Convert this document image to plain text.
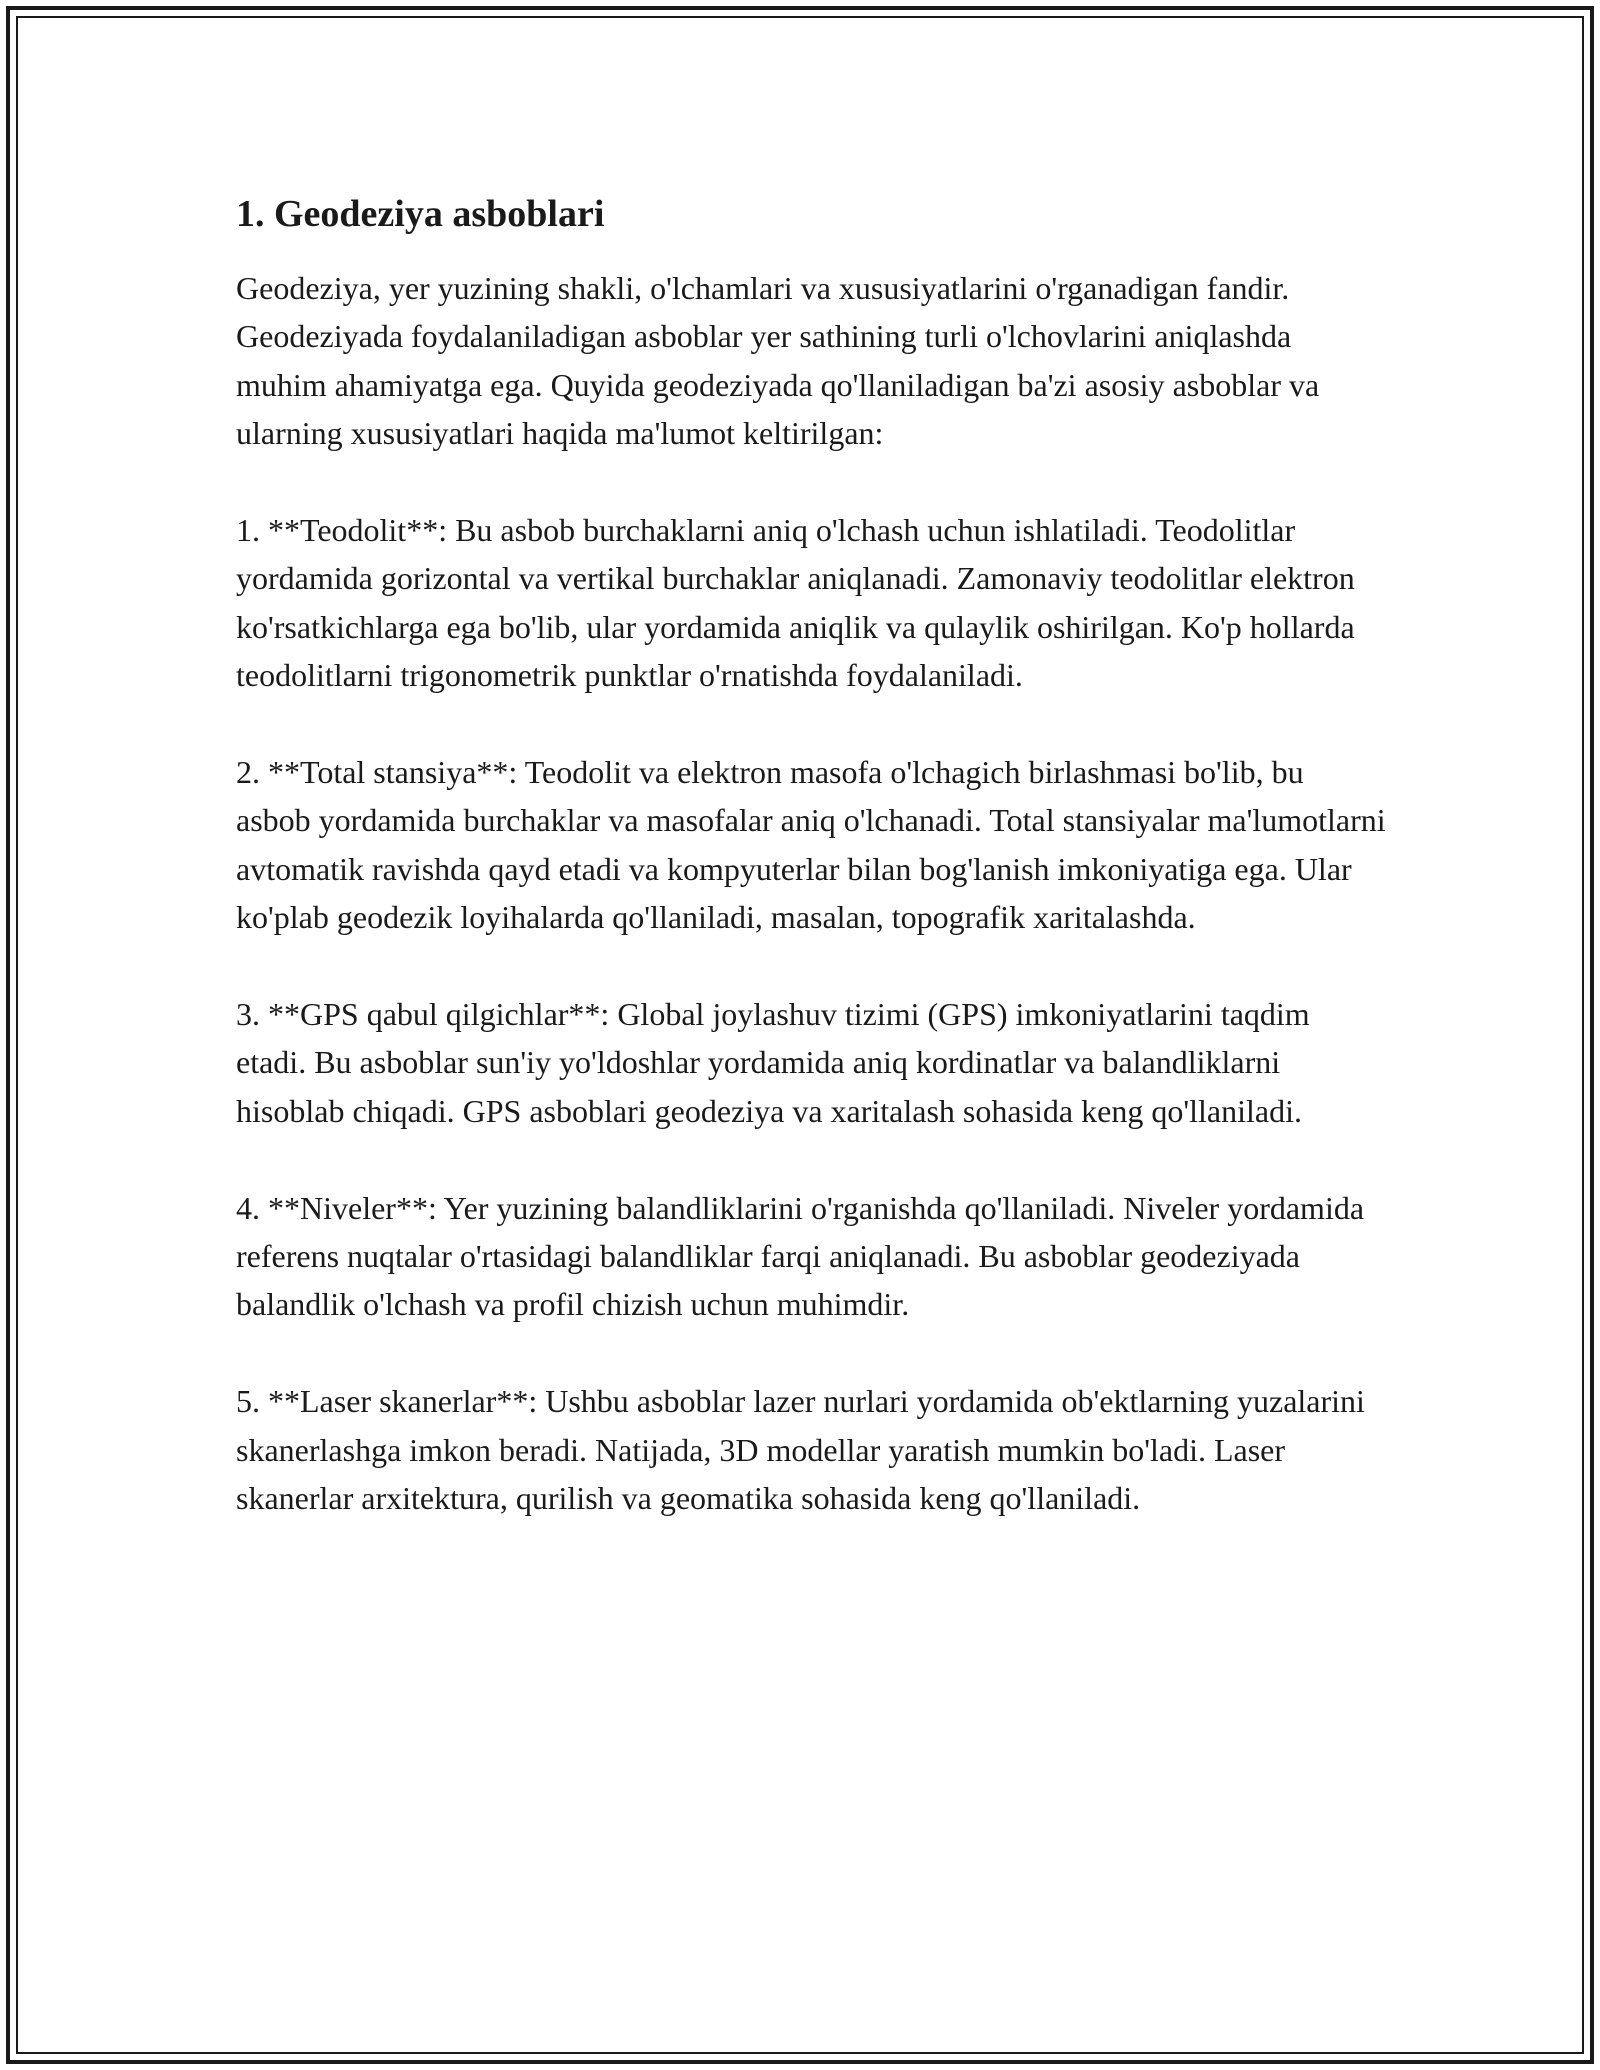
1. Geodeziya asboblari

Geodeziya, yer yuzining shakli, o'lchamlari va xususiyatlarini o'rganadigan fandir. Geodeziyada foydalaniladigan asboblar yer sathining turli o'lchovlarini aniqlashda muhim ahamiyatga ega. Quyida geodeziyada qo'llaniladigan ba'zi asosiy asboblar va ularning xususiyatlari haqida ma'lumot keltirilgan:

1. **Teodolit**: Bu asbob burchaklarni aniq o'lchash uchun ishlatiladi. Teodolitlar yordamida gorizontal va vertikal burchaklar aniqlanadi. Zamonaviy teodolitlar elektron ko'rsatkichlarga ega bo'lib, ular yordamida aniqlik va qulaylik oshirilgan. Ko'p hollarda teodolitlarni trigonometrik punktlar o'rnatishda foydalaniladi.

2. **Total stansiya**: Teodolit va elektron masofa o'lchagich birlashmasi bo'lib, bu asbob yordamida burchaklar va masofalar aniq o'lchanadi. Total stansiyalar ma'lumotlarni avtomatik ravishda qayd etadi va kompyuterlar bilan bog'lanish imkoniyatiga ega. Ular ko'plab geodezik loyihalarda qo'llaniladi, masalan, topografik xaritalashda.

3. **GPS qabul qilgichlar**: Global joylashuv tizimi (GPS) imkoniyatlarini taqdim etadi. Bu asboblar sun'iy yo'ldoshlar yordamida aniq kordinatlar va balandliklarni hisoblab chiqadi. GPS asboblari geodeziya va xaritalash sohasida keng qo'llaniladi.

4. **Niveler**: Yer yuzining balandliklarini o'rganishda qo'llaniladi. Niveler yordamida referens nuqtalar o'rtasidagi balandliklar farqi aniqlanadi. Bu asboblar geodeziyada balandlik o'lchash va profil chizish uchun muhimdir.

5. **Laser skanerlar**: Ushbu asboblar lazer nurlari yordamida ob'ektlarning yuzalarini skanerlashga imkon beradi. Natijada, 3D modellar yaratish mumkin bo'ladi. Laser skanerlar arxitektura, qurilish va geomatika sohasida keng qo'llaniladi.
